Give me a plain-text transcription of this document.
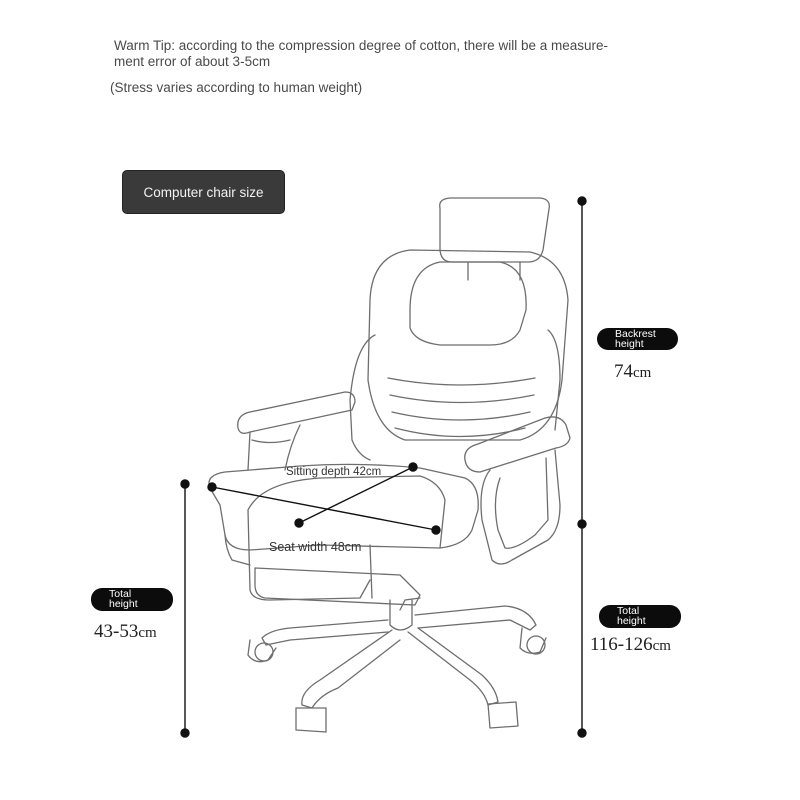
Warm Tip: according to the compression degree of cotton, there will be a measure-
ment error of about 3-5cm
(Stress varies according to human weight)
Computer chair size
Sitting depth 42cm
Seat width 48cm
Backrest
height
74cm
Total
height
43-53cm
Total
height
116-126cm
